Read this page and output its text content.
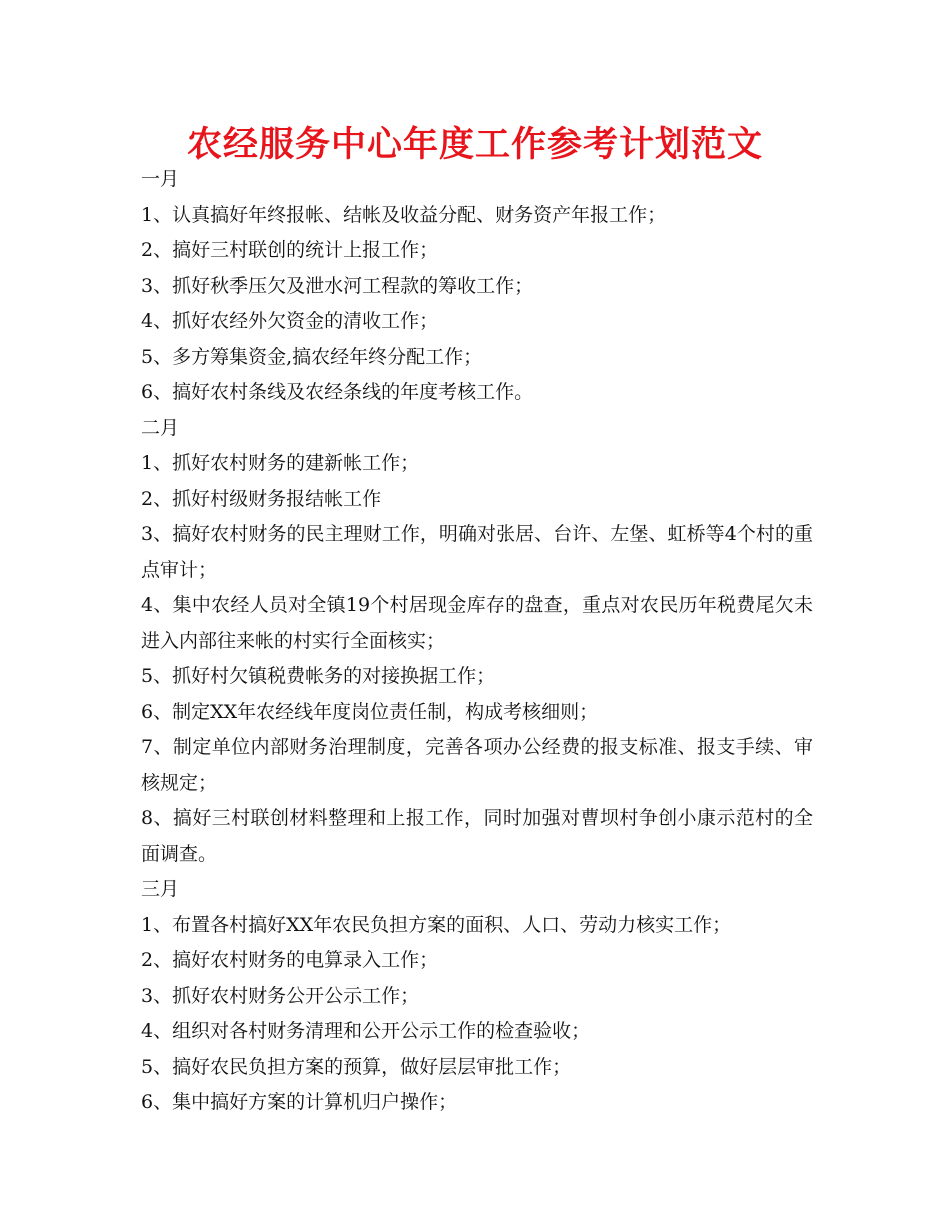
农经服务中心年度工作参考计划范文
一月
1、认真搞好年终报帐、结帐及收益分配、财务资产年报工作；
2、搞好三村联创的统计上报工作；
3、抓好秋季压欠及泄水河工程款的筹收工作；
4、抓好农经外欠资金的清收工作；
5、多方筹集资金,搞农经年终分配工作；
6、搞好农村条线及农经条线的年度考核工作。
二月
1、抓好农村财务的建新帐工作；
2、抓好村级财务报结帐工作
3、搞好农村财务的民主理财工作，明确对张居、台许、左堡、虹桥等4个村的重点审计；
4、集中农经人员对全镇19个村居现金库存的盘查，重点对农民历年税费尾欠未进入内部往来帐的村实行全面核实；
5、抓好村欠镇税费帐务的对接换据工作；
6、制定XX年农经线年度岗位责任制，构成考核细则；
7、制定单位内部财务治理制度，完善各项办公经费的报支标准、报支手续、审核规定；
8、搞好三村联创材料整理和上报工作，同时加强对曹坝村争创小康示范村的全面调查。
三月
1、布置各村搞好XX年农民负担方案的面积、人口、劳动力核实工作；
2、搞好农村财务的电算录入工作；
3、抓好农村财务公开公示工作；
4、组织对各村财务清理和公开公示工作的检查验收；
5、搞好农民负担方案的预算，做好层层审批工作；
6、集中搞好方案的计算机归户操作；
